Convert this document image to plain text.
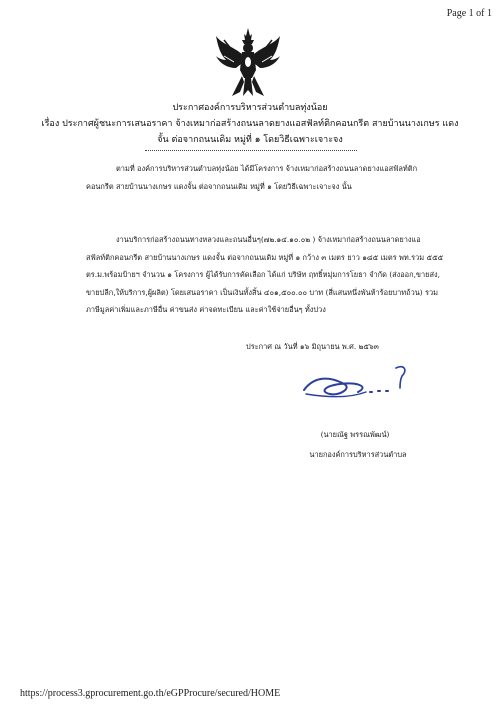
Page 1 of 1
ประกาศองค์การบริหารส่วนตำบลทุ่งน้อย
เรื่อง ประกาศผู้ชนะการเสนอราคา จ้างเหมาก่อสร้างถนนลาดยางแอสฟัลท์ติกคอนกรีต สายบ้านนางเกษร แดง
จั้น ต่อจากถนนเดิม หมู่ที่ ๑ โดยวิธีเฉพาะเจาะจง
ตามที่ องค์การบริหารส่วนตำบลทุ่งน้อย ได้มีโครงการ จ้างเหมาก่อสร้างถนนลาดยางแอสฟัลท์ติก
คอนกรีต สายบ้านนางเกษร แดงจั้น ต่อจากถนนเดิม หมู่ที่ ๑ โดยวิธีเฉพาะเจาะจง นั้น
งานบริการก่อสร้างถนนทางหลวงและถนนอื่นๆ(๗๒.๑๔.๑๐.๐๒ ) จ้างเหมาก่อสร้างถนนลาดยางแอ
สฟัลท์ติกคอนกรีต สายบ้านนางเกษร แดงจั้น ต่อจากถนนเดิม หมู่ที่ ๑ กว้าง ๓ เมตร ยาว ๑๘๕ เมตร พท.รวม ๕๕๕
ตร.ม.พร้อมป้ายฯ จำนวน ๑ โครงการ ผู้ได้รับการคัดเลือก ได้แก่ บริษัท ฤทธิ์หมุ่มการโยธา จำกัด (ส่งออก,ขายส่ง,
ขายปลีก,ให้บริการ,ผู้ผลิต) โดยเสนอราคา เป็นเงินทั้งสิ้น ๔๐๑,๕๐๐.๐๐ บาท (สี่แสนหนึ่งพันห้าร้อยบาทถ้วน) รวม
ภาษีมูลค่าเพิ่มและภาษีอื่น ค่าขนส่ง ค่าจดทะเบียน และค่าใช้จ่ายอื่นๆ ทั้งปวง
ประกาศ ณ วันที่ ๑๖ มิถุนายน พ.ศ. ๒๕๖๓
(นายณัฐ พรรณพัฒน์)
นายกองค์การบริหารส่วนตำบล
https://process3.gprocurement.go.th/eGPProcure/secured/HOME
